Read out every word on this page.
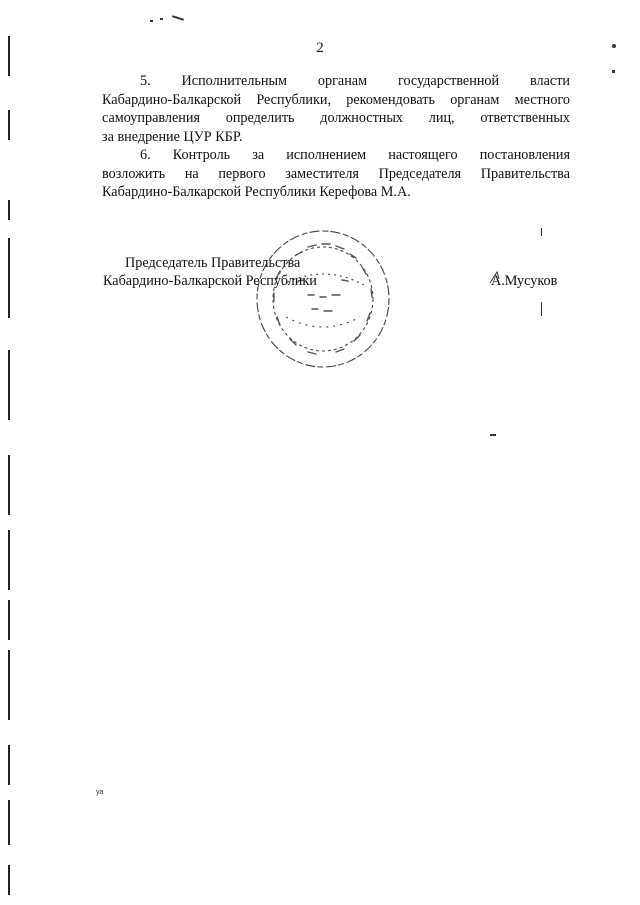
2

5. Исполнительным органам государственной власти
Кабардино-Балкарской Республики, рекомендовать органам местного
самоуправления определить должностных лиц, ответственных
за внедрение ЦУР КБР.

6. Контроль за исполнением настоящего постановления
возложить на первого заместителя Председателя Правительства
Кабардино-Балкарской Республики Керефова М.А.

Председатель Правительства
Кабардино-Балкарской Республики	А.Мусуков
уа
